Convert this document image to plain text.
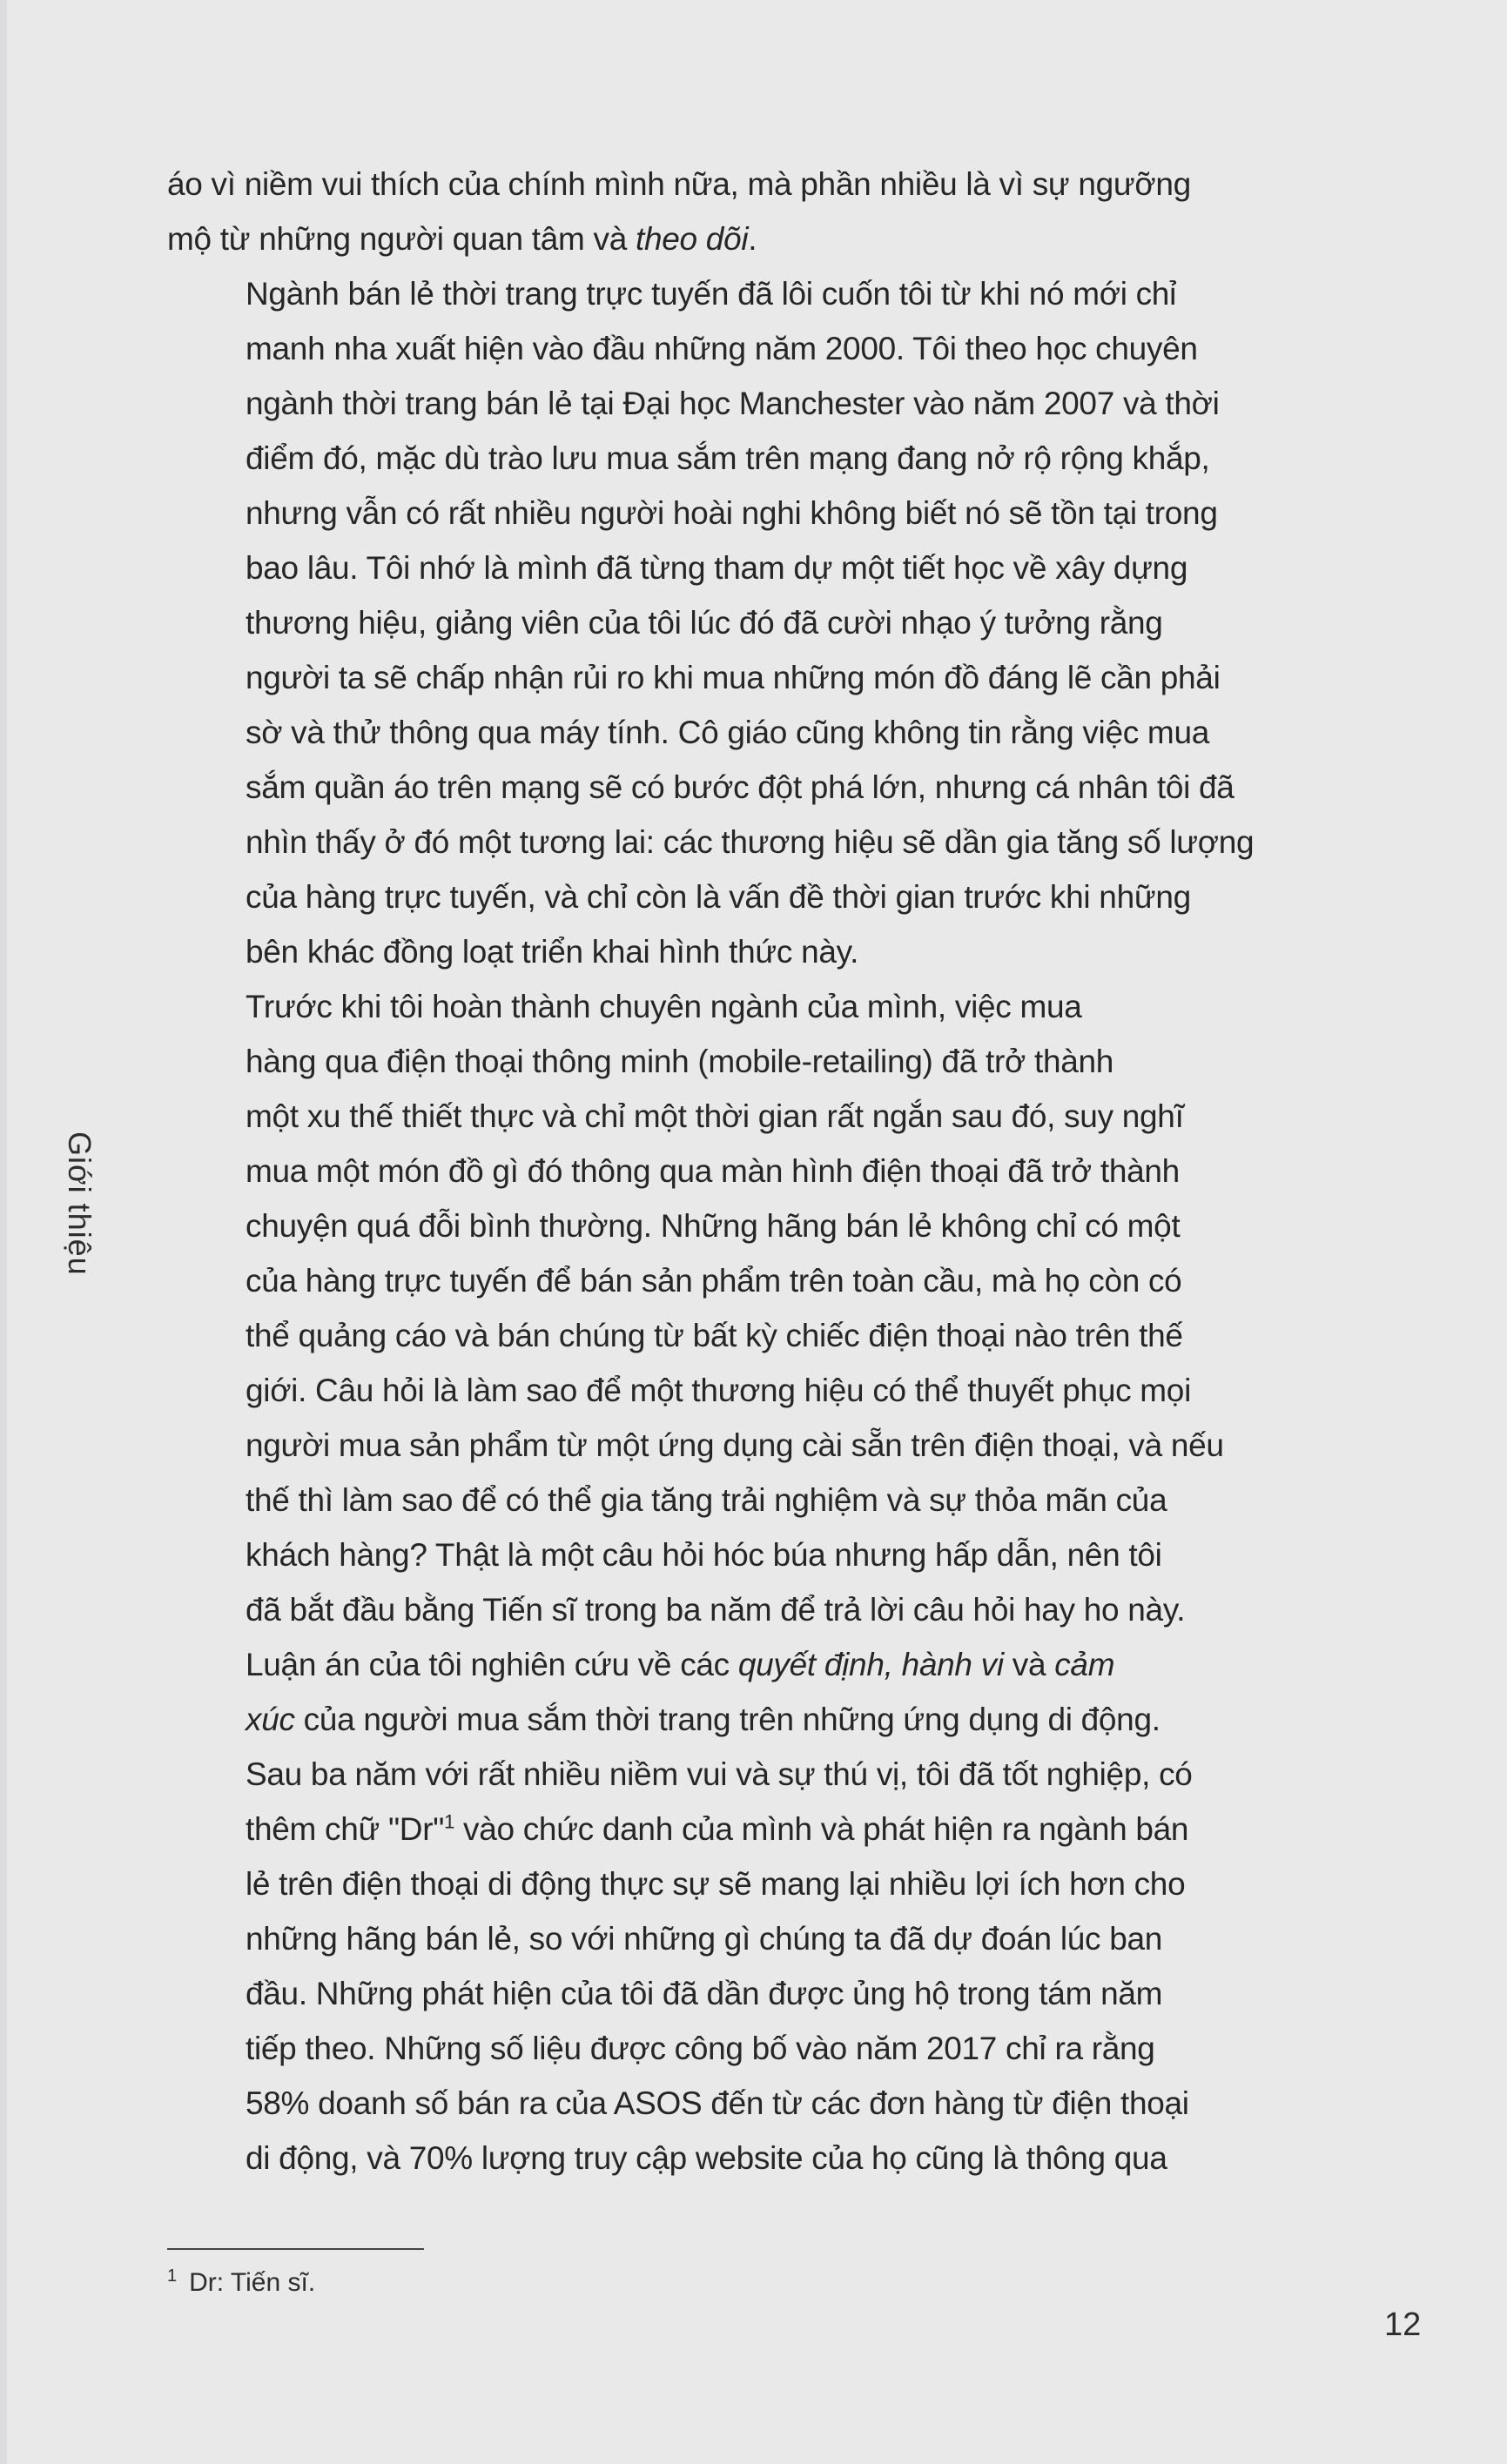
Giới thiệu

áo vì niềm vui thích của chính mình nữa, mà phần nhiều là vì sự ngưỡng
mộ từ những người quan tâm và theo dõi.

Ngành bán lẻ thời trang trực tuyến đã lôi cuốn tôi từ khi nó mới chỉ
manh nha xuất hiện vào đầu những năm 2000. Tôi theo học chuyên
ngành thời trang bán lẻ tại Đại học Manchester vào năm 2007 và thời
điểm đó, mặc dù trào lưu mua sắm trên mạng đang nở rộ rộng khắp,
nhưng vẫn có rất nhiều người hoài nghi không biết nó sẽ tồn tại trong
bao lâu. Tôi nhớ là mình đã từng tham dự một tiết học về xây dựng
thương hiệu, giảng viên của tôi lúc đó đã cười nhạo ý tưởng rằng
người ta sẽ chấp nhận rủi ro khi mua những món đồ đáng lẽ cần phải
sờ và thử thông qua máy tính. Cô giáo cũng không tin rằng việc mua
sắm quần áo trên mạng sẽ có bước đột phá lớn, nhưng cá nhân tôi đã
nhìn thấy ở đó một tương lai: các thương hiệu sẽ dần gia tăng số lượng
của hàng trực tuyến, và chỉ còn là vấn đề thời gian trước khi những
bên khác đồng loạt triển khai hình thức này.

Trước khi tôi hoàn thành chuyên ngành của mình, việc mua
hàng qua điện thoại thông minh (mobile-retailing) đã trở thành
một xu thế thiết thực và chỉ một thời gian rất ngắn sau đó, suy nghĩ
mua một món đồ gì đó thông qua màn hình điện thoại đã trở thành
chuyện quá đỗi bình thường. Những hãng bán lẻ không chỉ có một
của hàng trực tuyến để bán sản phẩm trên toàn cầu, mà họ còn có
thể quảng cáo và bán chúng từ bất kỳ chiếc điện thoại nào trên thế
giới. Câu hỏi là làm sao để một thương hiệu có thể thuyết phục mọi
người mua sản phẩm từ một ứng dụng cài sẵn trên điện thoại, và nếu
thế thì làm sao để có thể gia tăng trải nghiệm và sự thỏa mãn của
khách hàng? Thật là một câu hỏi hóc búa nhưng hấp dẫn, nên tôi
đã bắt đầu bằng Tiến sĩ trong ba năm để trả lời câu hỏi hay ho này.

Luận án của tôi nghiên cứu về các quyết định, hành vi và cảm
xúc của người mua sắm thời trang trên những ứng dụng di động.
Sau ba năm với rất nhiều niềm vui và sự thú vị, tôi đã tốt nghiệp, có
thêm chữ "Dr"$^1$ vào chức danh của mình và phát hiện ra ngành bán
lẻ trên điện thoại di động thực sự sẽ mang lại nhiều lợi ích hơn cho
những hãng bán lẻ, so với những gì chúng ta đã dự đoán lúc ban
đầu. Những phát hiện của tôi đã dần được ủng hộ trong tám năm
tiếp theo. Những số liệu được công bố vào năm 2017 chỉ ra rằng
58% doanh số bán ra của ASOS đến từ các đơn hàng từ điện thoại
di động, và 70% lượng truy cập website của họ cũng là thông qua

$^1$ Dr: Tiến sĩ.
12
